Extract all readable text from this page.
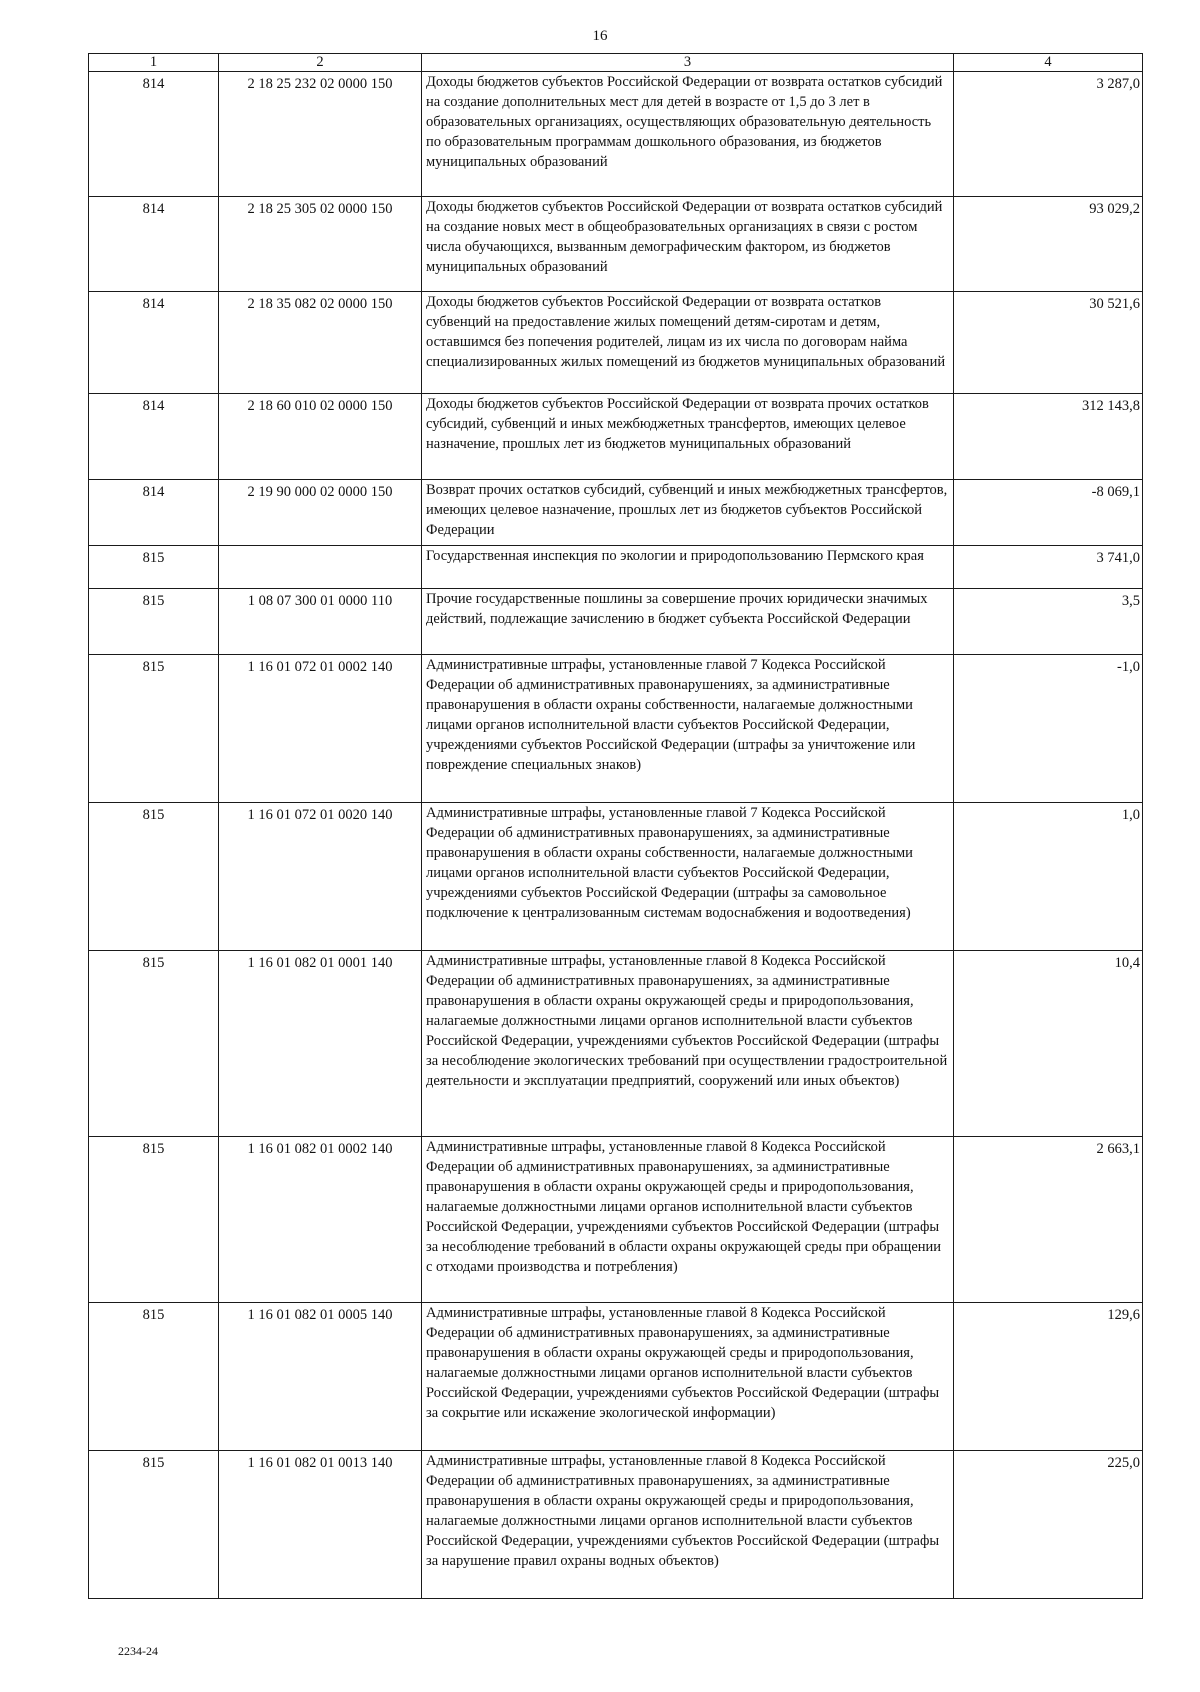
16
1	2	3	4
814	2 18 25 232 02 0000 150	Доходы бюджетов субъектов Российской Федерации от возврата остатков субсидий на создание дополнительных мест для детей в возрасте от 1,5 до 3 лет в образовательных организациях, осуществляющих образовательную деятельность по образовательным программам дошкольного образования, из бюджетов муниципальных образований	3 287,0
814	2 18 25 305 02 0000 150	Доходы бюджетов субъектов Российской Федерации от возврата остатков субсидий на создание новых мест в общеобразовательных организациях в связи с ростом числа обучающихся, вызванным демографическим фактором, из бюджетов муниципальных образований	93 029,2
814	2 18 35 082 02 0000 150	Доходы бюджетов субъектов Российской Федерации от возврата остатков субвенций на предоставление жилых помещений детям-сиротам и детям, оставшимся без попечения родителей, лицам из их числа по договорам найма специализированных жилых помещений из бюджетов муниципальных образований	30 521,6
814	2 18 60 010 02 0000 150	Доходы бюджетов субъектов Российской Федерации от возврата прочих остатков субсидий, субвенций и иных межбюджетных трансфертов, имеющих целевое назначение, прошлых лет из бюджетов муниципальных образований	312 143,8
814	2 19 90 000 02 0000 150	Возврат прочих остатков субсидий, субвенций и иных межбюджетных трансфертов, имеющих целевое назначение, прошлых лет из бюджетов субъектов Российской Федерации	-8 069,1
815		Государственная инспекция по экологии и природопользованию Пермского края	3 741,0
815	1 08 07 300 01 0000 110	Прочие государственные пошлины за совершение прочих юридически значимых действий, подлежащие зачислению в бюджет субъекта Российской Федерации	3,5
815	1 16 01 072 01 0002 140	Административные штрафы, установленные главой 7 Кодекса Российской Федерации об административных правонарушениях, за административные правонарушения в области охраны собственности, налагаемые должностными лицами органов исполнительной власти субъектов Российской Федерации, учреждениями субъектов Российской Федерации (штрафы за уничтожение или повреждение специальных знаков)	-1,0
815	1 16 01 072 01 0020 140	Административные штрафы, установленные главой 7 Кодекса Российской Федерации об административных правонарушениях, за административные правонарушения в области охраны собственности, налагаемые должностными лицами органов исполнительной власти субъектов Российской Федерации, учреждениями субъектов Российской Федерации (штрафы за самовольное подключение к централизованным системам водоснабжения и водоотведения)	1,0
815	1 16 01 082 01 0001 140	Административные штрафы, установленные главой 8 Кодекса Российской Федерации об административных правонарушениях, за административные правонарушения в области охраны окружающей среды и природопользования, налагаемые должностными лицами органов исполнительной власти субъектов Российской Федерации, учреждениями субъектов Российской Федерации (штрафы за несоблюдение экологических требований при осуществлении градостроительной деятельности и эксплуатации предприятий, сооружений или иных объектов)	10,4
815	1 16 01 082 01 0002 140	Административные штрафы, установленные главой 8 Кодекса Российской Федерации об административных правонарушениях, за административные правонарушения в области охраны окружающей среды и природопользования, налагаемые должностными лицами органов исполнительной власти субъектов Российской Федерации, учреждениями субъектов Российской Федерации (штрафы за несоблюдение требований в области охраны окружающей среды при обращении с отходами производства и потребления)	2 663,1
815	1 16 01 082 01 0005 140	Административные штрафы, установленные главой 8 Кодекса Российской Федерации об административных правонарушениях, за административные правонарушения в области охраны окружающей среды и природопользования, налагаемые должностными лицами органов исполнительной власти субъектов Российской Федерации, учреждениями субъектов Российской Федерации (штрафы за сокрытие или искажение экологической информации)	129,6
815	1 16 01 082 01 0013 140	Административные штрафы, установленные главой 8 Кодекса Российской Федерации об административных правонарушениях, за административные правонарушения в области охраны окружающей среды и природопользования, налагаемые должностными лицами органов исполнительной власти субъектов Российской Федерации, учреждениями субъектов Российской Федерации (штрафы за нарушение правил охраны водных объектов)	225,0
2234-24
